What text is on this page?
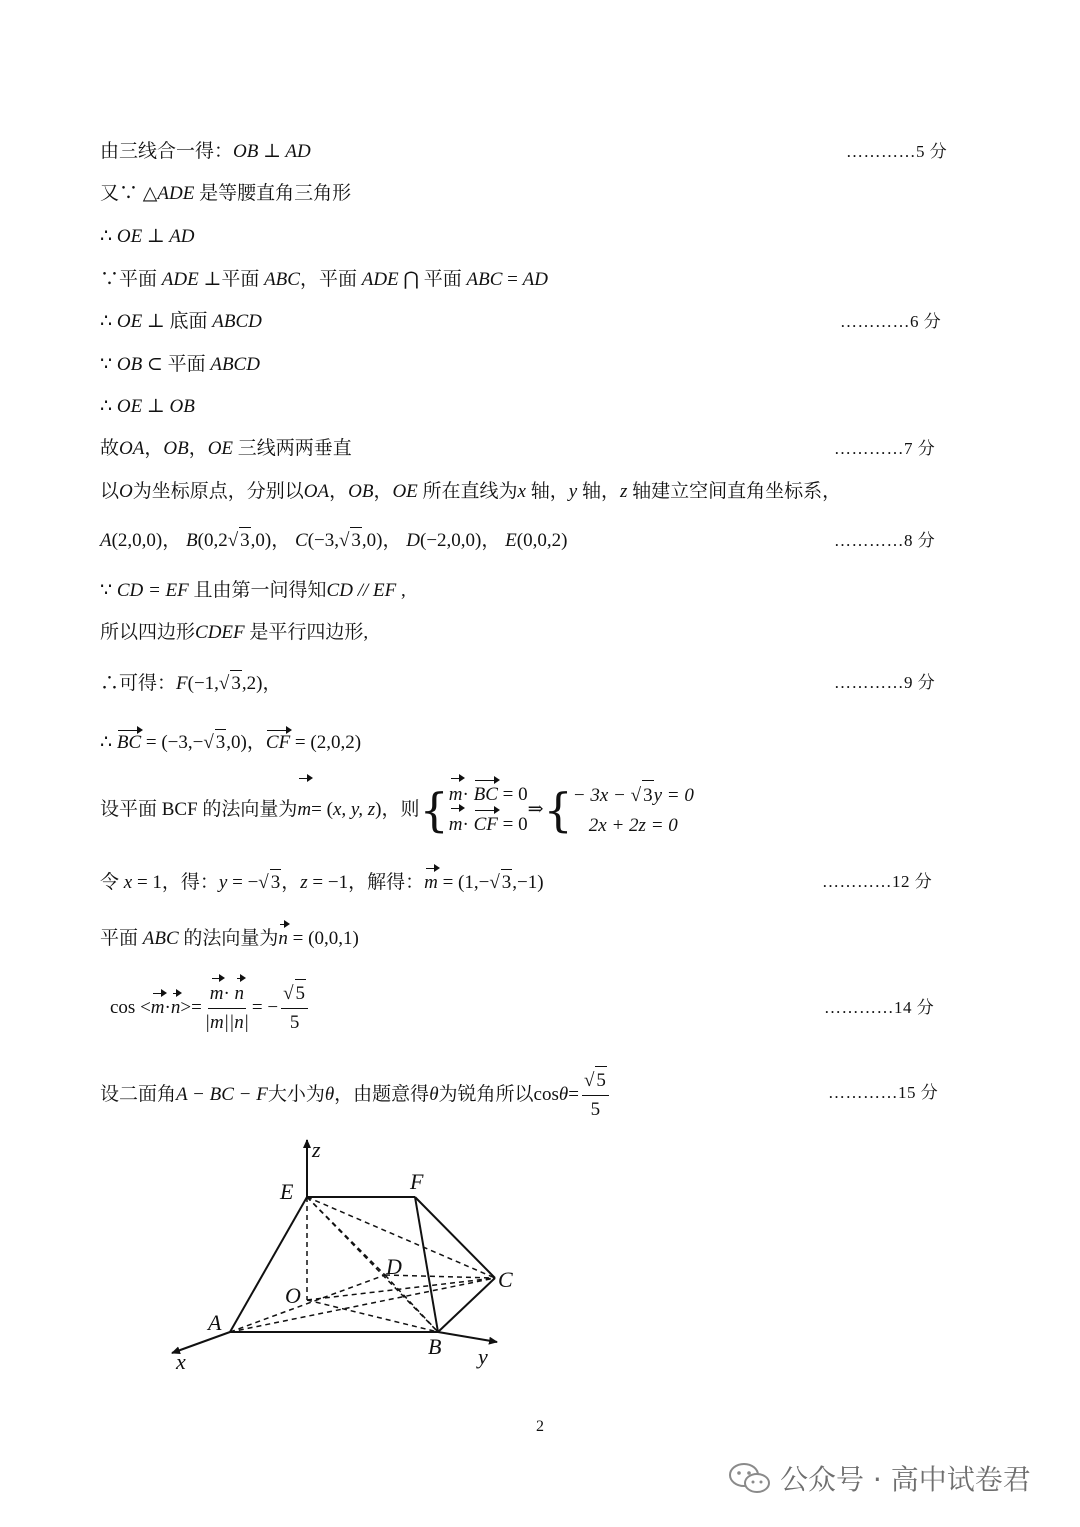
由三线合一得：OB ⊥ AD	…………5 分
又∵ △ADE 是等腰直角三角形
∴ OE ⊥ AD
∵平面 ADE ⊥平面 ABC，平面 ADE ⋂ 平面 ABC = AD
∴ OE ⊥ 底面 ABCD	…………6 分
∵ OB ⊂ 平面 ABCD
∴ OE ⊥ OB
故OA，OB，OE 三线两两垂直	…………7 分
以O为坐标原点，分别以OA，OB，OE 所在直线为x 轴，y 轴，z 轴建立空间直角坐标系，
A(2,0,0)， B(0,2√ 3,0)， C(−3,√ 3,0)， D(−2,0,0)， E(0,0,2)	…………8 分
∵ CD = EF 且由第一问得知CD // EF ,
所以四边形CDEF 是平行四边形,
∴可得：F(−1,√ 3,2)，	…………9 分
∴ BC = (−3,−√ 3,0)，CF = (2,0,2)
设平面 BCF 的法向量为 m = ( x, y, z )，则 { m· BC = 0
m· CF = 0
⇒ { − 3x − √ 3y = 0
2x + 2z = 0
令 x = 1，得：y = −√ 3，z = −1，解得：m = (1,−√ 3,−1)	…………12 分
平面 ABC 的法向量为n = (0,0,1)
$\cos < m \cdot n >= \frac{m\cdot n}{|m||n|}$ = − $\frac{√ 5}{5}$	…………14 分
设二面角 A − BC − F 大小为 θ ，由题意得 θ 为锐角所以 $\cos \theta = \frac{√ 5}{5}$	…………15 分
z
E	F
D
C
O
A
B
x	y
2
公众号 · 高中试卷君
